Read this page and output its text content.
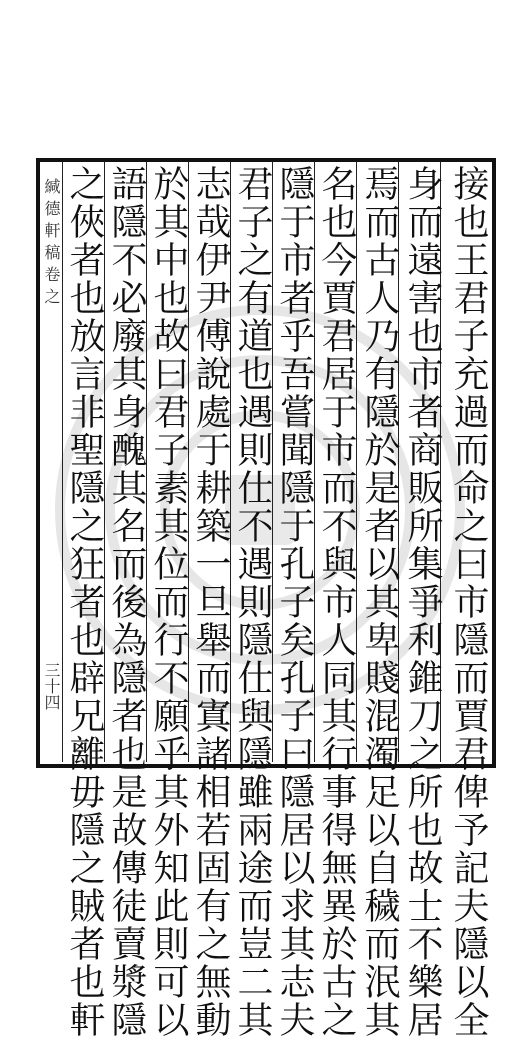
緘德軒稿卷之
三十四	接也王君子充過而命之曰市隱而賈君俾予記夫隱以全
身而遠害也市者商販所集爭利錐刀之所也故士不樂居
焉而古人乃有隱於是者以其卑賤混濁足以自穢而泯其
名也今賈君居于市而不與市人同其行事得無異於古之
隱于市者乎吾嘗聞隱于孔子矣孔子曰隱居以求其志夫
君子之有道也遇則仕不遇則隱仕與隱雖兩途而豈二其
志哉伊尹傅說處于耕築一旦舉而寘諸相若固有之無動
於其中也故曰君子素其位而行不願乎其外知此則可以
語隱不必廢其身醜其名而後為隱者也是故傳徒賣漿隱
之俠者也放言非聖隱之狂者也辟兄離毋隱之賊者也軒
